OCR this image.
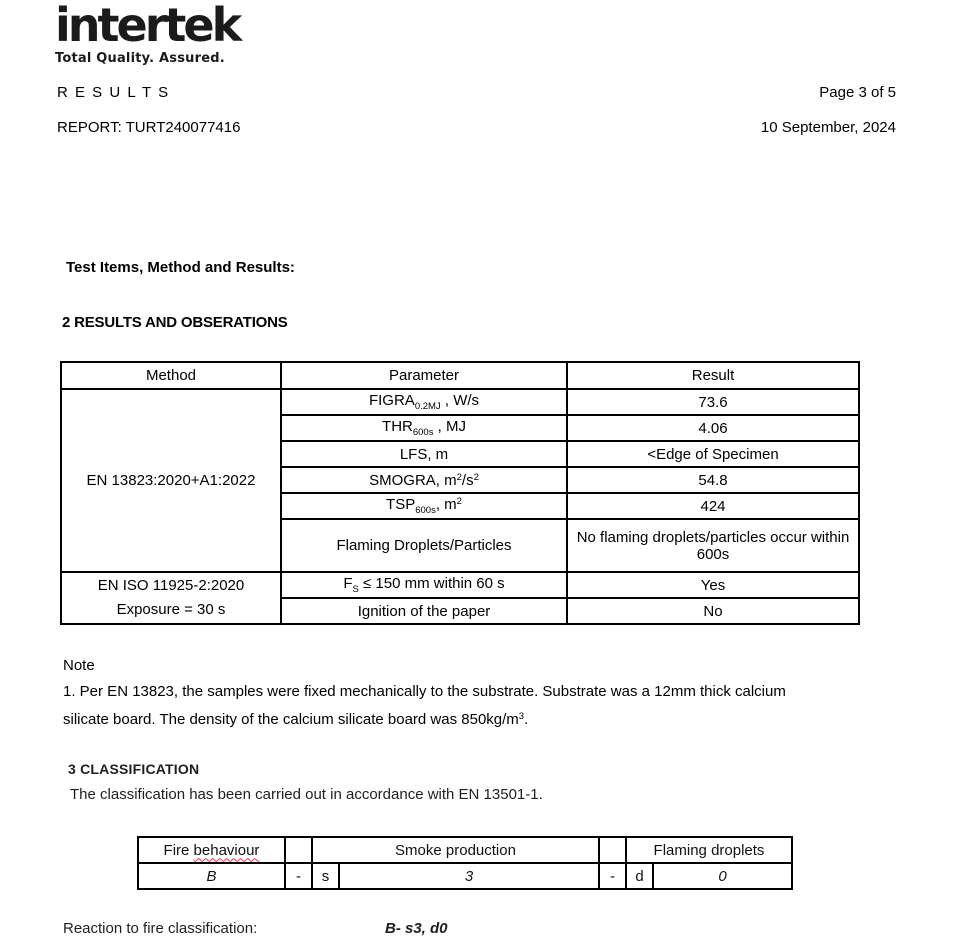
intertek
Total Quality. Assured.
R E S U L T S	Page 3 of 5
REPORT: TURT240077416	10 September, 2024
Test Items, Method and Results:
2 RESULTS AND OBSERATIONS
Method	Parameter	Result

EN 13823:2020+A1:2022	$FIGRA_{0.2MJ}$ , W/s	73.6
	$THR_{600s}$ , MJ	4.06
	LFS, m	<Edge of Specimen
	SMOGRA, $m^2/s^2$	54.8
	$TSP_{600s}$, $m^2$	424
	Flaming Droplets/Particles	No flaming droplets/particles occur within 600s

EN ISO 11925-2:2020
Exposure = 30 s	$F_S \le 150$ mm within 60 s	Yes
	Ignition of the paper	No
Note
1. Per EN 13823, the samples were fixed mechanically to the substrate. Substrate was a 12mm thick calcium
silicate board. The density of the calcium silicate board was $850kg/m^3$.
3 CLASSIFICATION
The classification has been carried out in accordance with EN 13501-1.
Fire behaviour		Smoke production			Flaming droplets	
B	-	s	3	-	d	0
Reaction to fire classification:	B- s3, d0
